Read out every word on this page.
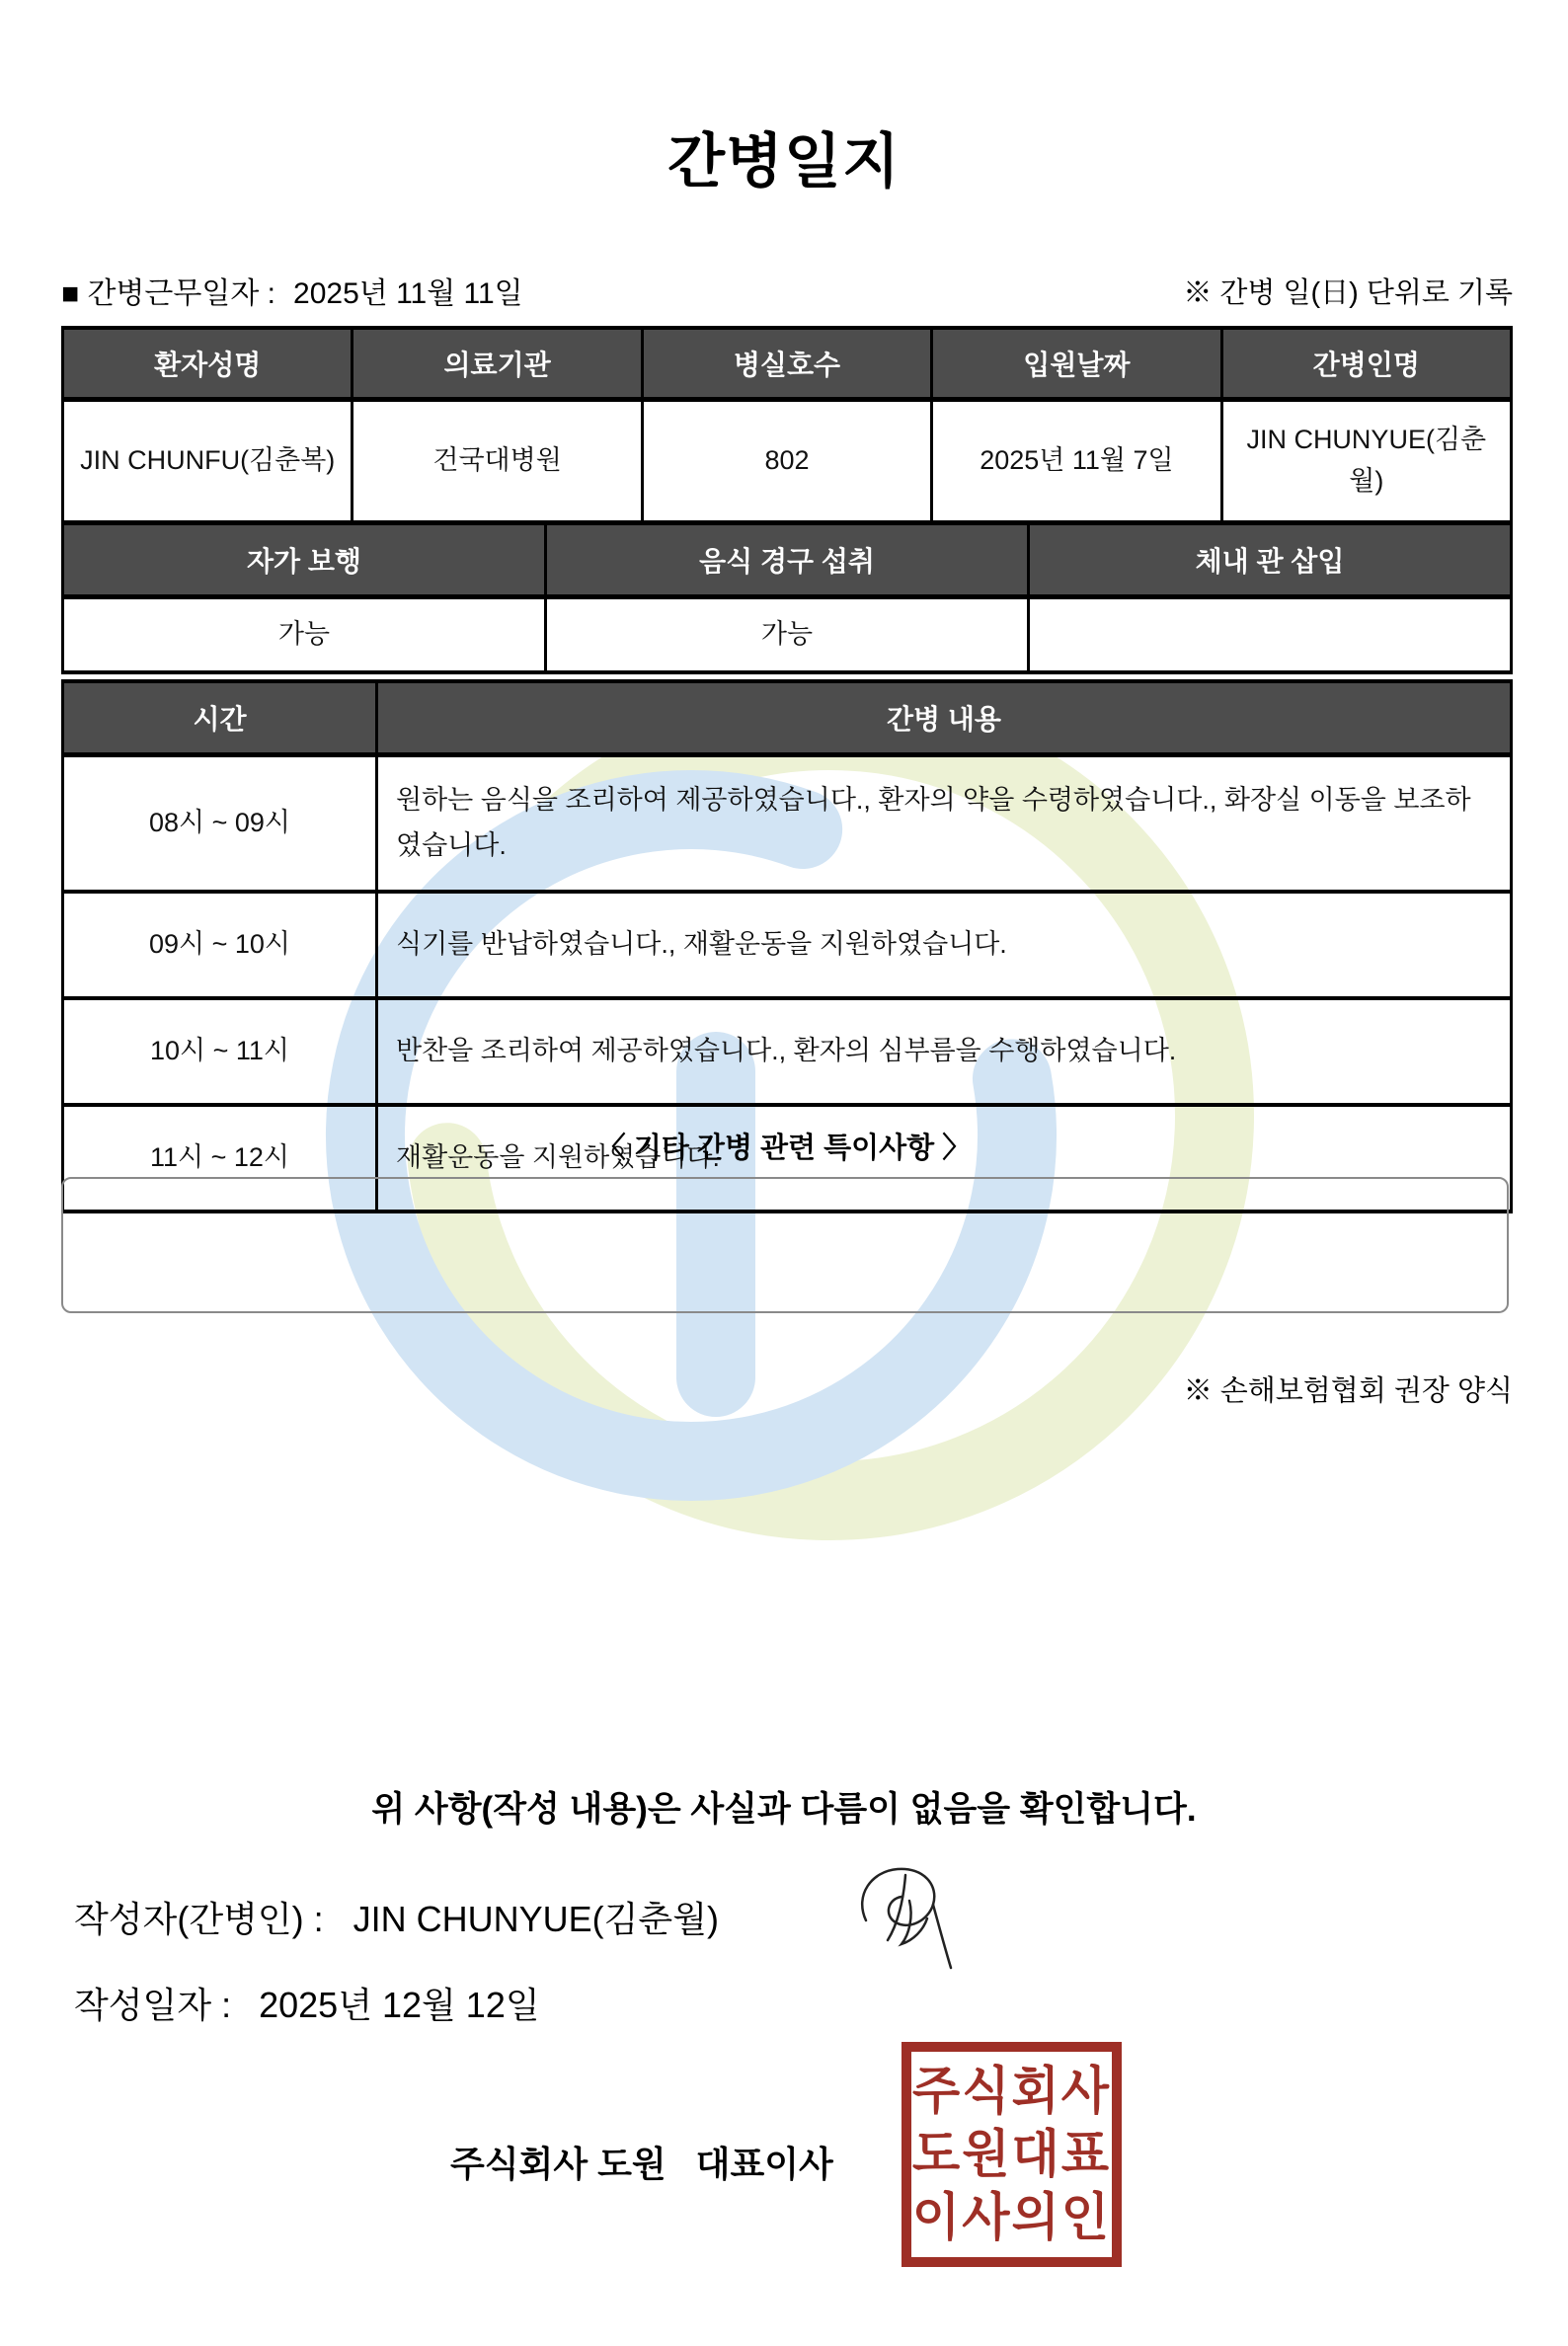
간병일지
■ 간병근무일자 : 2025년 11월 11일	※ 간병 일(日) 단위로 기록
환자성명	의료기관	병실호수	입원날짜	간병인명
JIN CHUNFU(김춘복)	건국대병원	802	2025년 11월 7일	JIN CHUNYUE(김춘월)
자가 보행	음식 경구 섭취	체내 관 삽입
가능	가능	
시간	간병 내용
08시 ~ 09시	원하는 음식을 조리하여 제공하였습니다., 환자의 약을 수령하였습니다., 화장실 이동을 보조하였습니다.
09시 ~ 10시	식기를 반납하였습니다., 재활운동을 지원하였습니다.
10시 ~ 11시	반찬을 조리하여 제공하였습니다., 환자의 심부름을 수행하였습니다.
11시 ~ 12시	재활운동을 지원하였습니다.
〈 기타 간병 관련 특이사항 〉
※ 손해보험협회 권장 양식
위 사항(작성 내용)은 사실과 다름이 없음을 확인합니다.
작성자(간병인) : JIN CHUNYUE(김춘월)
작성일자 : 2025년 12월 12일
주식회사 도원   대표이사
주식회사
도원대표
이사의인
